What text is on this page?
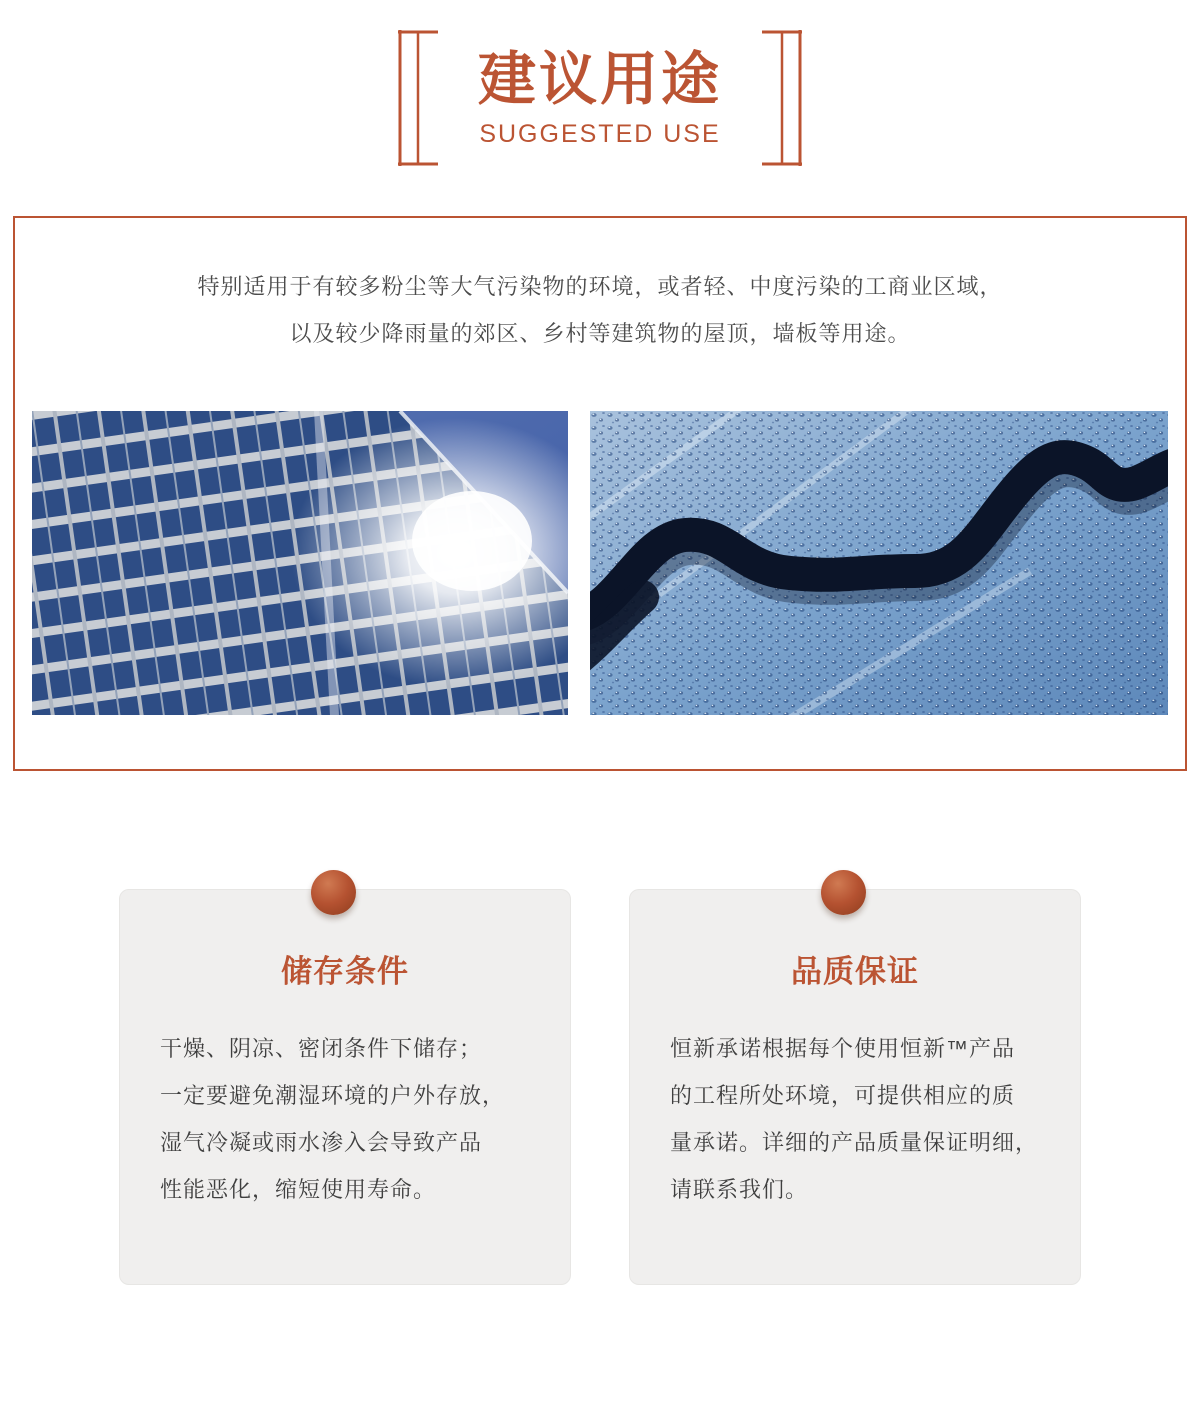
建议用途
SUGGESTED USE
特别适用于有较多粉尘等大气污染物的环境，或者轻、中度污染的工商业区域，
以及较少降雨量的郊区、乡村等建筑物的屋顶，墙板等用途。
储存条件

干燥、阴凉、密闭条件下储存；

一定要避免潮湿环境的户外存放，

湿气冷凝或雨水渗入会导致产品

性能恶化，缩短使用寿命。

品质保证

恒新承诺根据每个使用恒新™产品

的工程所处环境，可提供相应的质

量承诺。详细的产品质量保证明细，

请联系我们。
